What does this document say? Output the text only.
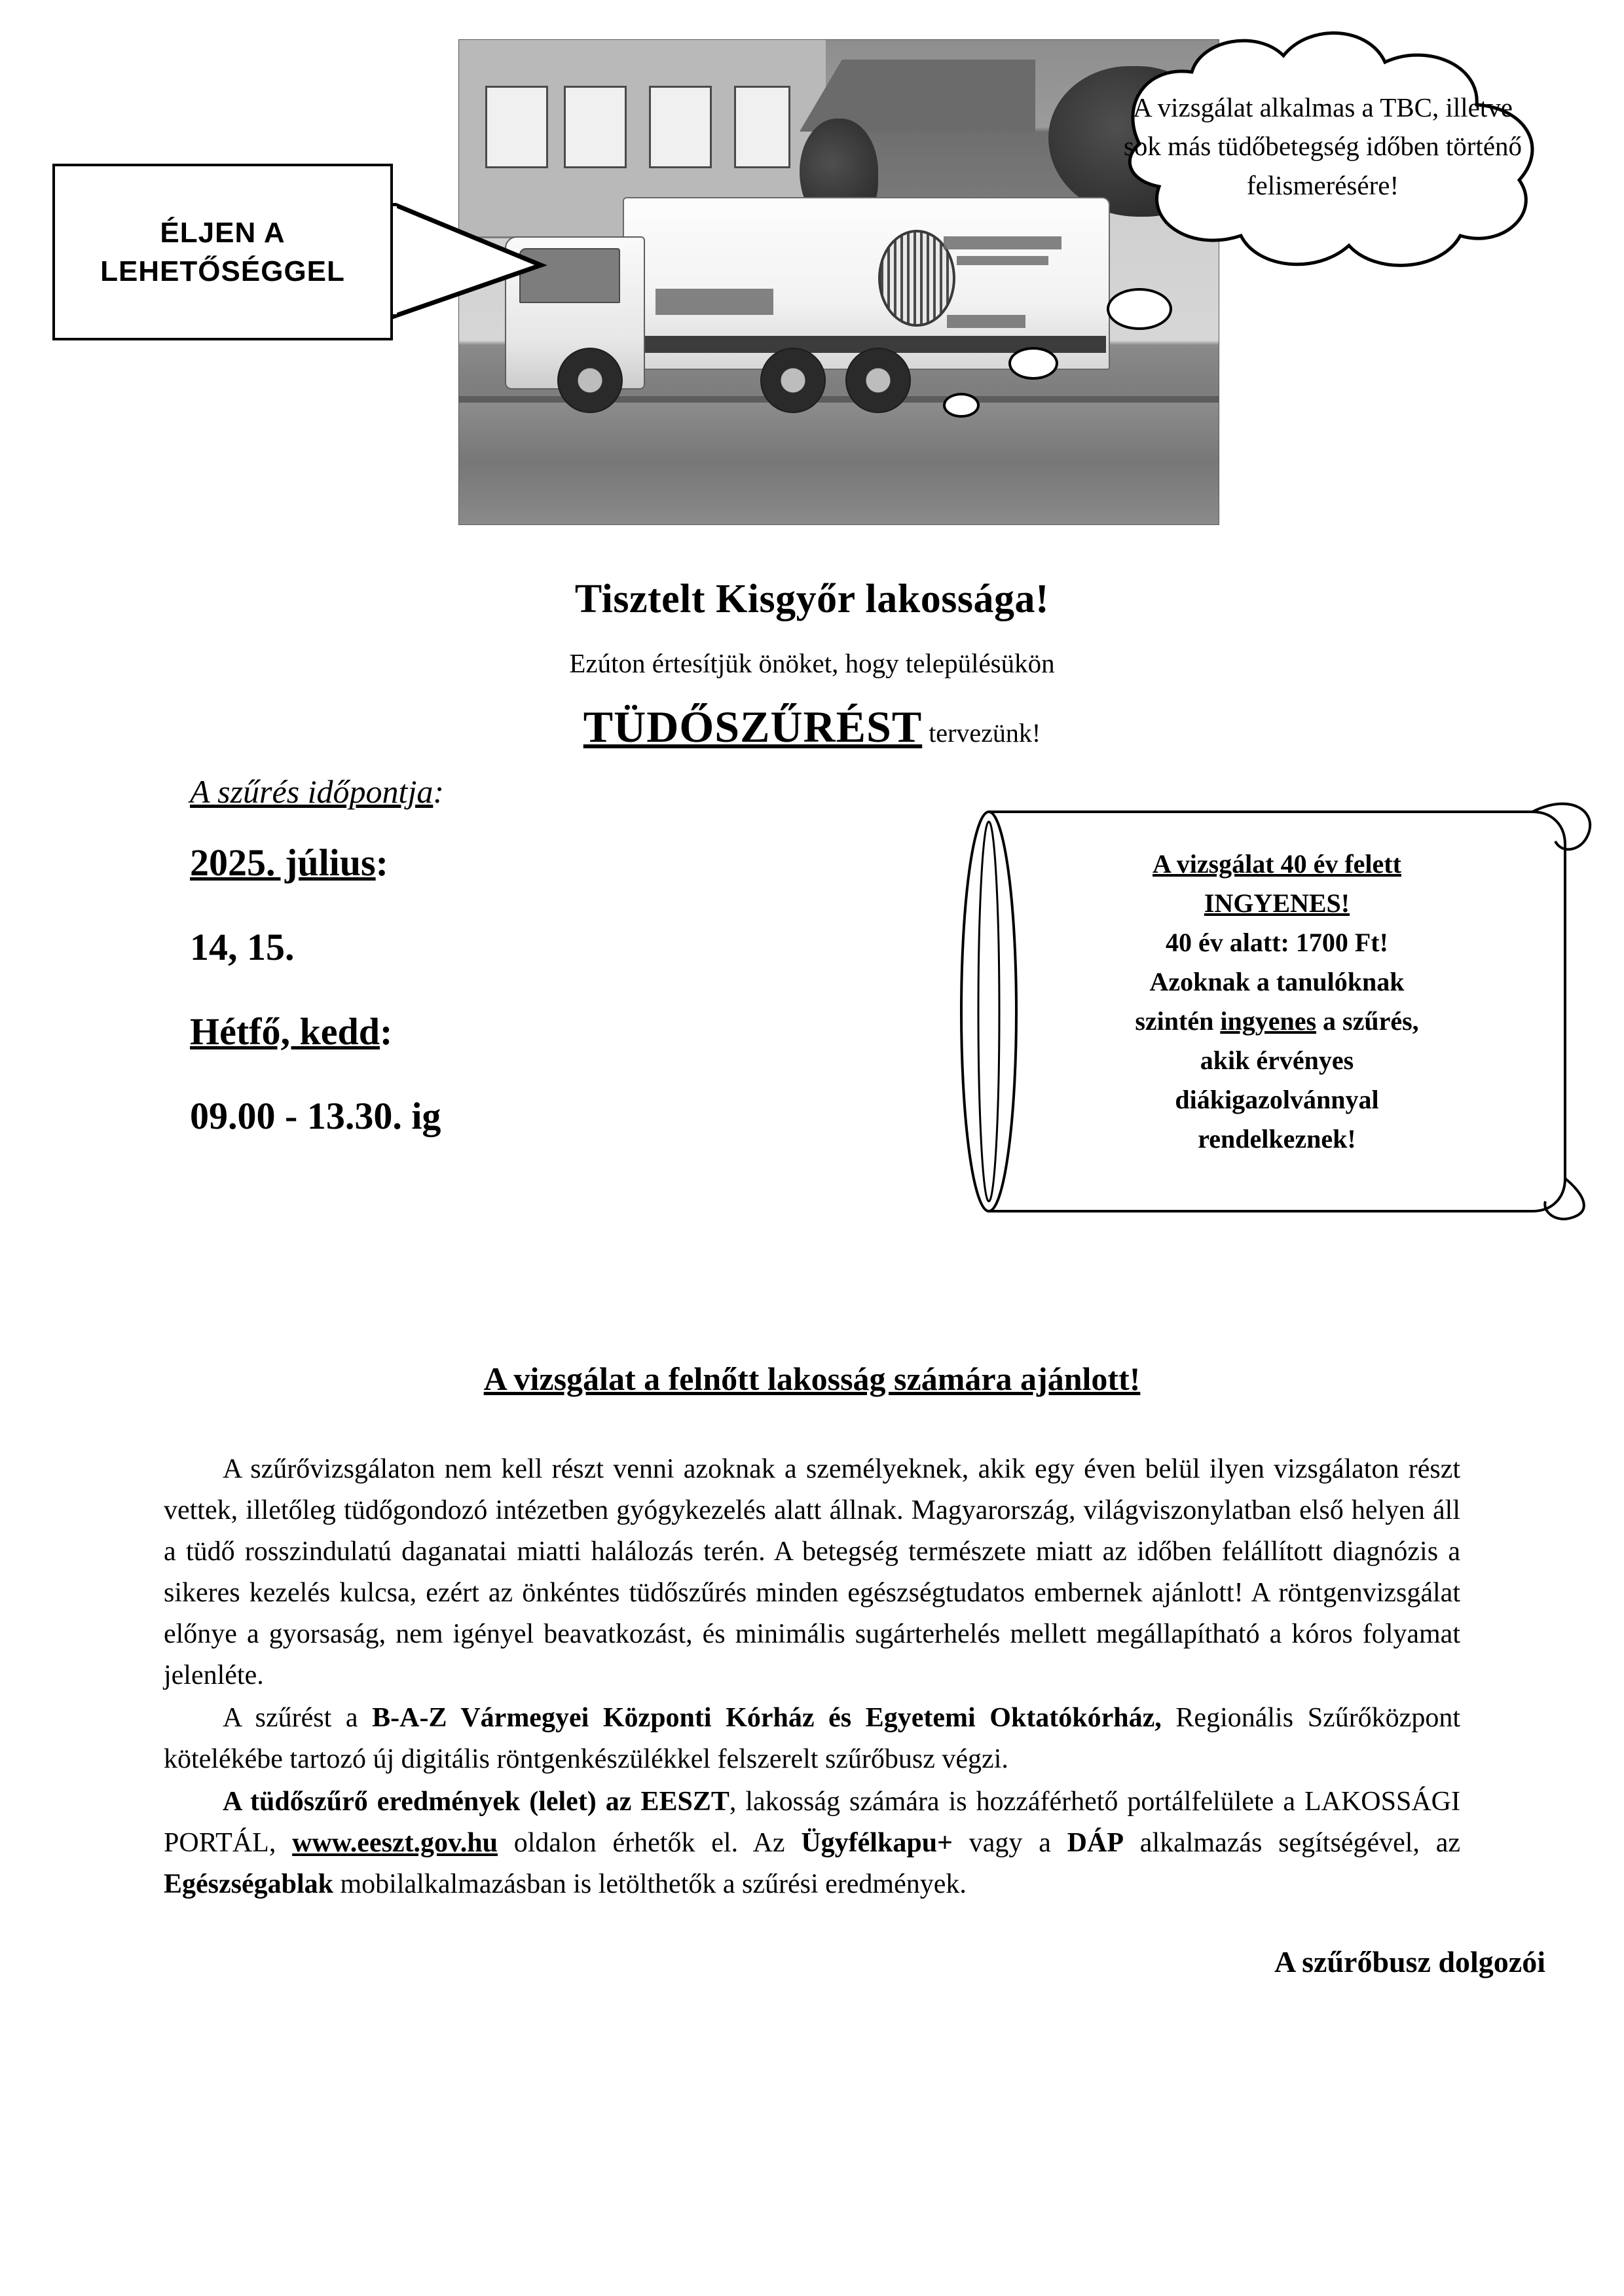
ÉLJEN A LEHETŐSÉGGEL
A vizsgálat alkalmas a TBC, illetve sok más tüdőbetegség időben történő felismerésére!
Tisztelt Kisgyőr lakossága!
Ezúton értesítjük önöket, hogy településükön
TÜDŐSZŰRÉST tervezünk!
A szűrés időpontja:
2025. július:
14, 15.
Hétfő, kedd:
09.00 - 13.30. ig
A vizsgálat 40 év felett
INGYENES!
40 év alatt: 1700 Ft!
Azoknak a tanulóknak
szintén ingyenes a szűrés,
akik érvényes
diákigazolvánnyal
rendelkeznek!
A vizsgálat a felnőtt lakosság számára ajánlott!

A szűrővizsgálaton nem kell részt venni azoknak a személyeknek, akik egy éven belül ilyen vizsgálaton részt vettek, illetőleg tüdőgondozó intézetben gyógykezelés alatt állnak. Magyarország, világviszonylatban első helyen áll a tüdő rosszindulatú daganatai miatti halálozás terén. A betegség természete miatt az időben felállított diagnózis a sikeres kezelés kulcsa, ezért az önkéntes tüdőszűrés minden egészségtudatos embernek ajánlott! A röntgenvizsgálat előnye a gyorsaság, nem igényel beavatkozást, és minimális sugárterhelés mellett megállapítható a kóros folyamat jelenléte.

A szűrést a B-A-Z Vármegyei Központi Kórház és Egyetemi Oktatókórház, Regionális Szűrőközpont kötelékébe tartozó új digitális röntgenkészülékkel felszerelt szűrőbusz végzi.

A tüdőszűrő eredmények (lelet) az EESZT, lakosság számára is hozzáférhető portálfelülete a LAKOSSÁGI PORTÁL, www.eeszt.gov.hu oldalon érhetők el. Az Ügyfélkapu+ vagy a DÁP alkalmazás segítségével, az Egészségablak mobilalkalmazásban is letölthetők a szűrési eredmények.

A szűrőbusz dolgozói
